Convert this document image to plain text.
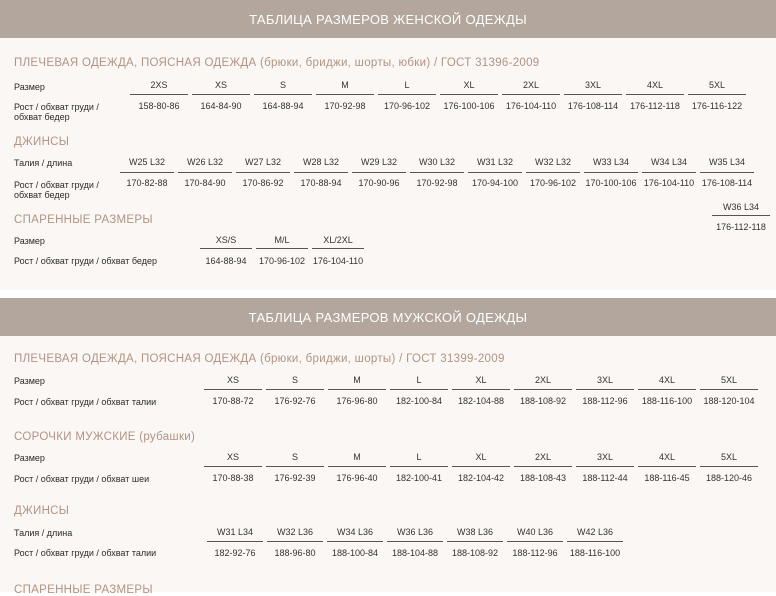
ТАБЛИЦА РАЗМЕРОВ ЖЕНСКОЙ ОДЕЖДЫ
ПЛЕЧЕВАЯ ОДЕЖДА, ПОЯСНАЯ ОДЕЖДА (брюки, бриджи, шорты, юбки) / ГОСТ 31396-2009
Размер
Рост / обхват груди / обхват бедер
2XS
158-80-86
XS
164-84-90
S
164-88-94
M
170-92-98
L
170-96-102
XL
176-100-106
2XL
176-104-110
3XL
176-108-114
4XL
176-112-118
5XL
176-116-122
ДЖИНСЫ
Талия / длина
Рост / обхват груди / обхват бедер
W25 L32
170-82-88
W26 L32
170-84-90
W27 L32
170-86-92
W28 L32
170-88-94
W29 L32
170-90-96
W30 L32
170-92-98
W31 L32
170-94-100
W32 L32
170-96-102
W33 L34
170-100-106
W34 L34
176-104-110
W35 L34
176-108-114
W36 L34
176-112-118
СПАРЕННЫЕ РАЗМЕРЫ
Размер
Рост / обхват груди / обхват бедер
XS/S
164-88-94
M/L
170-96-102
XL/2XL
176-104-110
ТАБЛИЦА РАЗМЕРОВ МУЖСКОЙ ОДЕЖДЫ
ПЛЕЧЕВАЯ ОДЕЖДА, ПОЯСНАЯ ОДЕЖДА (брюки, бриджи, шорты) / ГОСТ 31399-2009
Размер
Рост / обхват груди / обхват талии
XS
170-88-72
S
176-92-76
M
176-96-80
L
182-100-84
XL
182-104-88
2XL
188-108-92
3XL
188-112-96
4XL
188-116-100
5XL
188-120-104
СОРОЧКИ МУЖСКИЕ (рубашки)
Размер
Рост / обхват груди / обхват шеи
XS
170-88-38
S
176-92-39
M
176-96-40
L
182-100-41
XL
182-104-42
2XL
188-108-43
3XL
188-112-44
4XL
188-116-45
5XL
188-120-46
ДЖИНСЫ
Талия / длина
Рост / обхват груди / обхват талии
W31 L34
182-92-76
W32 L36
188-96-80
W34 L36
188-100-84
W36 L36
188-104-88
W38 L36
188-108-92
W40 L36
188-112-96
W42 L36
188-116-100
СПАРЕННЫЕ РАЗМЕРЫ
